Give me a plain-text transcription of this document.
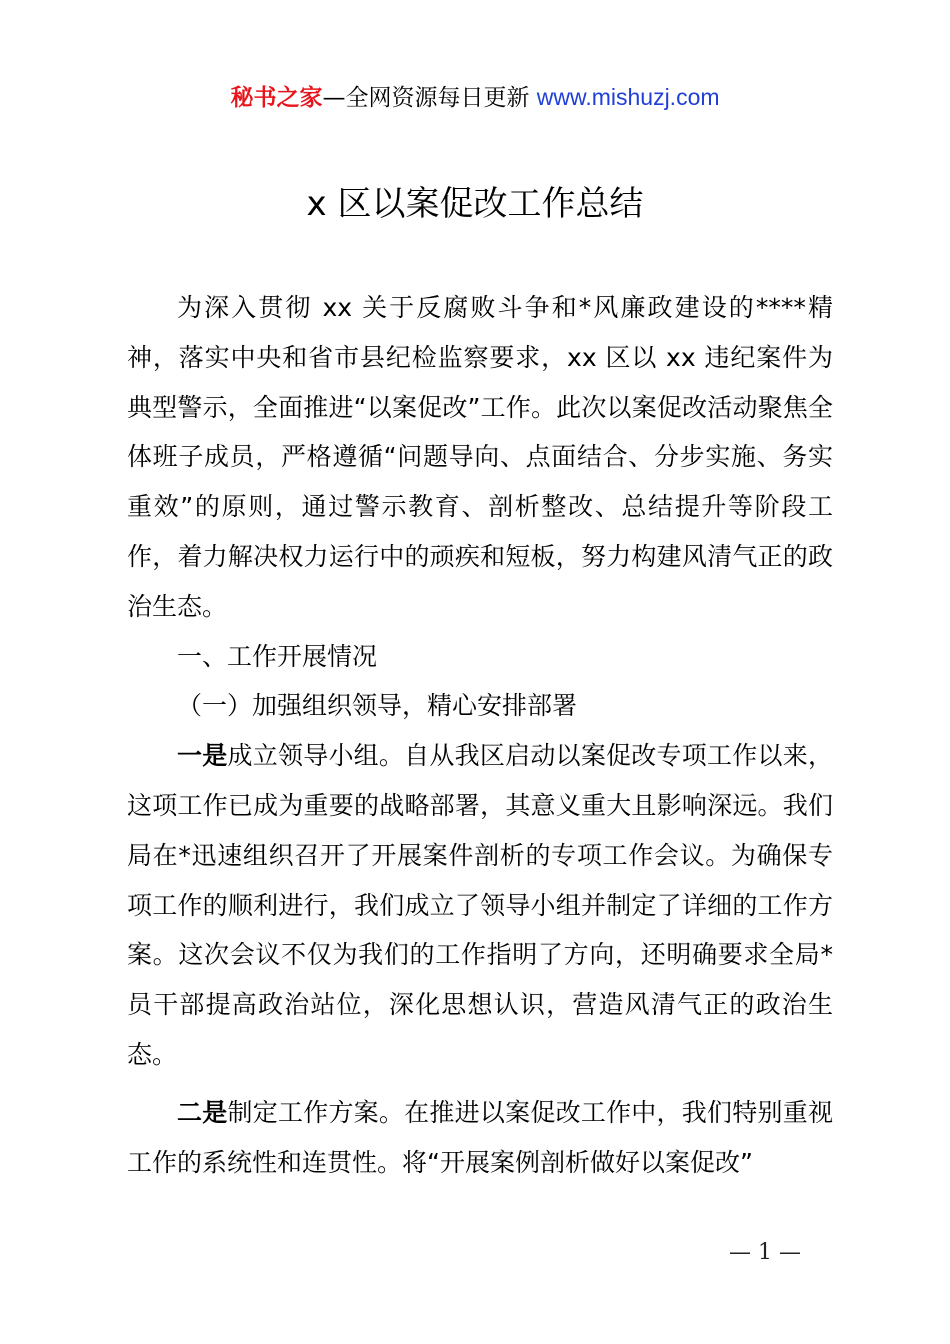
秘书之家—全网资源每日更新 www.mishuzj.com
x 区以案促改工作总结

为深入贯彻 xx 关于反腐败斗争和*风廉政建设的****精神，落实中央和省市县纪检监察要求，xx 区以 xx 违纪案件为典型警示，全面推进“以案促改”工作。此次以案促改活动聚焦全体班子成员，严格遵循“问题导向、点面结合、分步实施、务实重效”的原则，通过警示教育、剖析整改、总结提升等阶段工作，着力解决权力运行中的顽疾和短板，努力构建风清气正的政治生态。

一、工作开展情况

（一）加强组织领导，精心安排部署

一是成立领导小组。自从我区启动以案促改专项工作以来，这项工作已成为重要的战略部署，其意义重大且影响深远。我们局在*迅速组织召开了开展案件剖析的专项工作会议。为确保专项工作的顺利进行，我们成立了领导小组并制定了详细的工作方案。这次会议不仅为我们的工作指明了方向，还明确要求全局*员干部提高政治站位，深化思想认识，营造风清气正的政治生态。

二是制定工作方案。在推进以案促改工作中，我们特别重视工作的系统性和连贯性。将“开展案例剖析做好以案促改”

— 1 —
